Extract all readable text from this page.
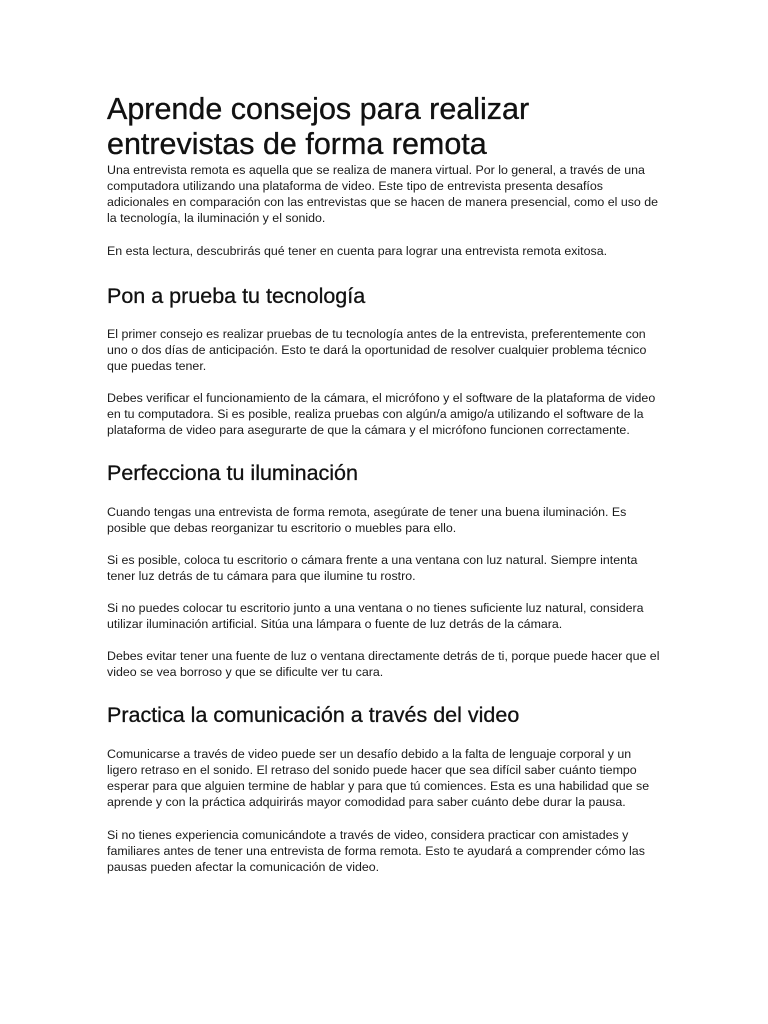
Aprende consejos para realizar entrevistas de forma remota

Una entrevista remota es aquella que se realiza de manera virtual. Por lo general, a través de una computadora utilizando una plataforma de video. Este tipo de entrevista presenta desafíos adicionales en comparación con las entrevistas que se hacen de manera presencial, como el uso de la tecnología, la iluminación y el sonido.

En esta lectura, descubrirás qué tener en cuenta para lograr una entrevista remota exitosa.

Pon a prueba tu tecnología

El primer consejo es realizar pruebas de tu tecnología antes de la entrevista, preferentemente con uno o dos días de anticipación. Esto te dará la oportunidad de resolver cualquier problema técnico que puedas tener.

Debes verificar el funcionamiento de la cámara, el micrófono y el software de la plataforma de video en tu computadora. Si es posible, realiza pruebas con algún/a amigo/a utilizando el software de la plataforma de video para asegurarte de que la cámara y el micrófono funcionen correctamente.

Perfecciona tu iluminación

Cuando tengas una entrevista de forma remota, asegúrate de tener una buena iluminación. Es posible que debas reorganizar tu escritorio o muebles para ello.

Si es posible, coloca tu escritorio o cámara frente a una ventana con luz natural. Siempre intenta tener luz detrás de tu cámara para que ilumine tu rostro.

Si no puedes colocar tu escritorio junto a una ventana o no tienes suficiente luz natural, considera utilizar iluminación artificial. Sitúa una lámpara o fuente de luz detrás de la cámara.

Debes evitar tener una fuente de luz o ventana directamente detrás de ti, porque puede hacer que el video se vea borroso y que se dificulte ver tu cara.

Practica la comunicación a través del video

Comunicarse a través de video puede ser un desafío debido a la falta de lenguaje corporal y un ligero retraso en el sonido. El retraso del sonido puede hacer que sea difícil saber cuánto tiempo esperar para que alguien termine de hablar y para que tú comiences. Esta es una habilidad que se aprende y con la práctica adquirirás mayor comodidad para saber cuánto debe durar la pausa.

Si no tienes experiencia comunicándote a través de video, considera practicar con amistades y familiares antes de tener una entrevista de forma remota. Esto te ayudará a comprender cómo las pausas pueden afectar la comunicación de video.
